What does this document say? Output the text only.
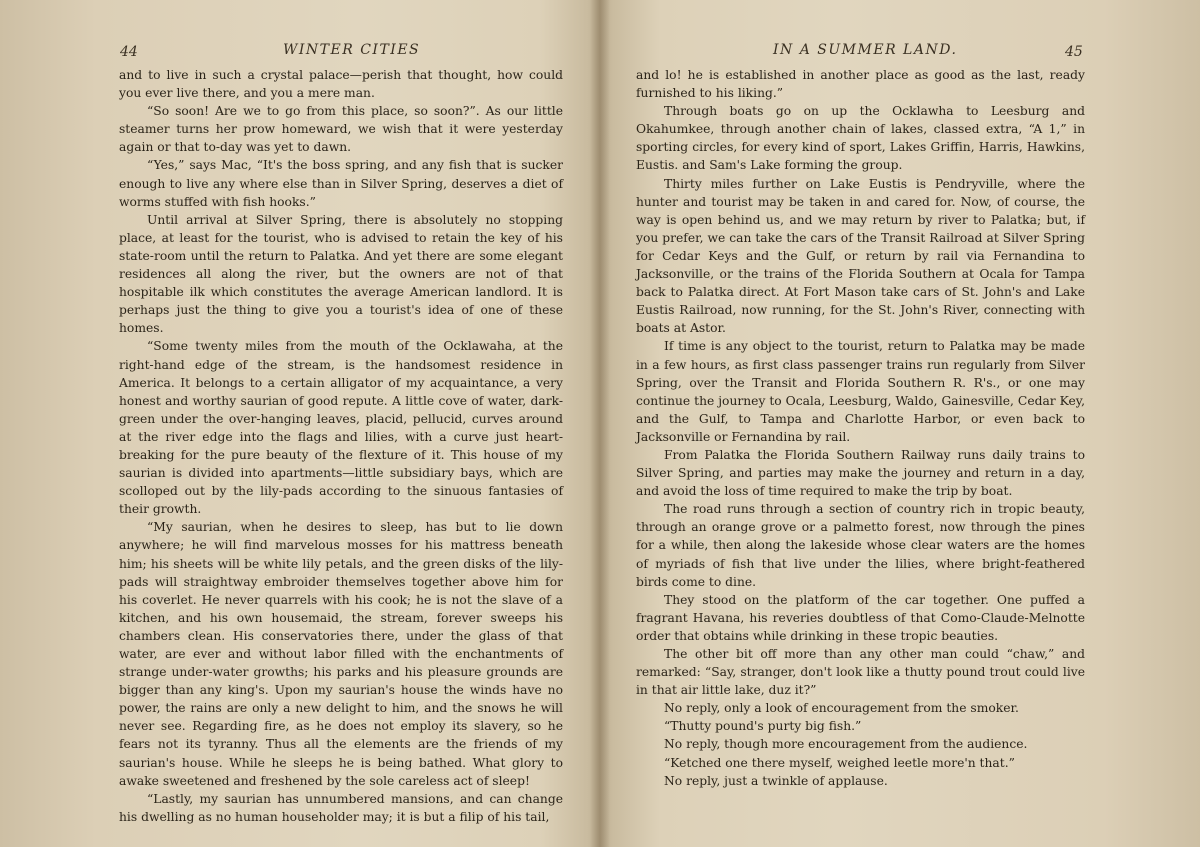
44	WINTER CITIES

and to live in such a crystal palace—perish that thought, how could you ever live there, and you a mere man.

“So soon! Are we to go from this place, so soon?”. As our little steamer turns her prow homeward, we wish that it were yesterday again or that to-day was yet to dawn.

“Yes,” says Mac, “It's the boss spring, and any fish that is sucker enough to live any where else than in Silver Spring, deserves a diet of worms stuffed with fish hooks.”

Until arrival at Silver Spring, there is absolutely no stopping place, at least for the tourist, who is advised to retain the key of his state-room until the return to Palatka. And yet there are some elegant residences all along the river, but the owners are not of that hospitable ilk which constitutes the average American landlord. It is perhaps just the thing to give you a tourist's idea of one of these homes.

“Some twenty miles from the mouth of the Ocklawaha, at the right-hand edge of the stream, is the handsomest residence in America. It belongs to a certain alligator of my acquaintance, a very honest and worthy saurian of good repute. A little cove of water, dark-green under the over-hanging leaves, placid, pellucid, curves around at the river edge into the flags and lilies, with a curve just heart-breaking for the pure beauty of the flexture of it. This house of my saurian is divided into apartments—little subsidiary bays, which are scolloped out by the lily-pads according to the sinuous fantasies of their growth.

“My saurian, when he desires to sleep, has but to lie down anywhere; he will find marvelous mosses for his mattress beneath him; his sheets will be white lily petals, and the green disks of the lily-pads will straightway embroider themselves together above him for his coverlet. He never quarrels with his cook; he is not the slave of a kitchen, and his own housemaid, the stream, forever sweeps his chambers clean. His conservatories there, under the glass of that water, are ever and without labor filled with the enchantments of strange under-water growths; his parks and his pleasure grounds are bigger than any king's. Upon my saurian's house the winds have no power, the rains are only a new delight to him, and the snows he will never see. Regarding fire, as he does not employ its slavery, so he fears not its tyranny. Thus all the elements are the friends of my saurian's house. While he sleeps he is being bathed. What glory to awake sweetened and freshened by the sole careless act of sleep!

“Lastly, my saurian has unnumbered mansions, and can change his dwelling as no human householder may; it is but a filip of his tail,

IN A SUMMER LAND.	45

and lo! he is established in another place as good as the last, ready furnished to his liking.”

Through boats go on up the Ocklawha to Leesburg and Okahumkee, through another chain of lakes, classed extra, “A 1,” in sporting circles, for every kind of sport, Lakes Griffin, Harris, Hawkins, Eustis. and Sam's Lake forming the group.

Thirty miles further on Lake Eustis is Pendryville, where the hunter and tourist may be taken in and cared for. Now, of course, the way is open behind us, and we may return by river to Palatka; but, if you prefer, we can take the cars of the Transit Railroad at Silver Spring for Cedar Keys and the Gulf, or return by rail via Fernandina to Jacksonville, or the trains of the Florida Southern at Ocala for Tampa back to Palatka direct. At Fort Mason take cars of St. John's and Lake Eustis Railroad, now running, for the St. John's River, connecting with boats at Astor.

If time is any object to the tourist, return to Palatka may be made in a few hours, as first class passenger trains run regularly from Silver Spring, over the Transit and Florida Southern R. R's., or one may continue the journey to Ocala, Leesburg, Waldo, Gainesville, Cedar Key, and the Gulf, to Tampa and Charlotte Harbor, or even back to Jacksonville or Fernandina by rail.

From Palatka the Florida Southern Railway runs daily trains to Silver Spring, and parties may make the journey and return in a day, and avoid the loss of time required to make the trip by boat.

The road runs through a section of country rich in tropic beauty, through an orange grove or a palmetto forest, now through the pines for a while, then along the lakeside whose clear waters are the homes of myriads of fish that live under the lilies, where bright-feathered birds come to dine.

They stood on the platform of the car together. One puffed a fragrant Havana, his reveries doubtless of that Como-Claude-Melnotte order that obtains while drinking in these tropic beauties.

The other bit off more than any other man could “chaw,” and remarked: “Say, stranger, don't look like a thutty pound trout could live in that air little lake, duz it?”

No reply, only a look of encouragement from the smoker.

“Thutty pound's purty big fish.”

No reply, though more encouragement from the audience.

“Ketched one there myself, weighed leetle more'n that.”

No reply, just a twinkle of applause.
